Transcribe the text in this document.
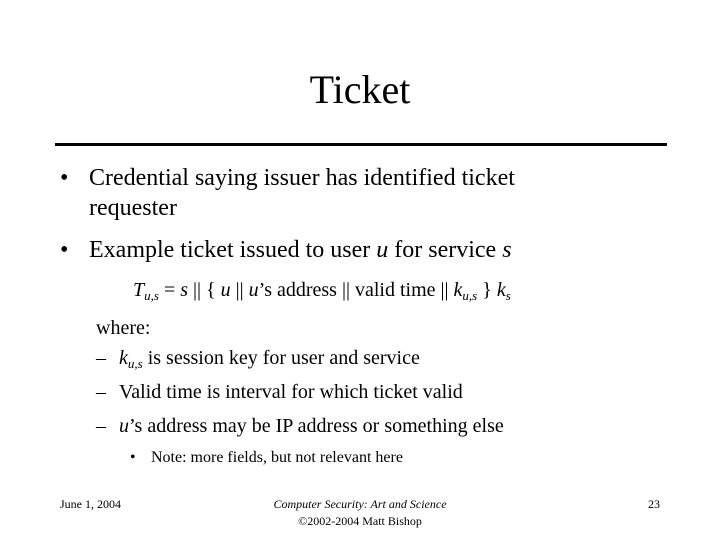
Ticket
• Credential saying issuer has identified ticket
requester
• Example ticket issued to user u for service s
$T_{u,s} = s$ || { u || u’s address || valid time || $k_{u,s}$ } $k_s$
where:
– $k_{u,s}$ is session key for user and service
– Valid time is interval for which ticket valid
– u’s address may be IP address or something else
• Note: more fields, but not relevant here
June 1, 2004	Computer Security: Art and Science
©2002-2004 Matt Bishop
23
